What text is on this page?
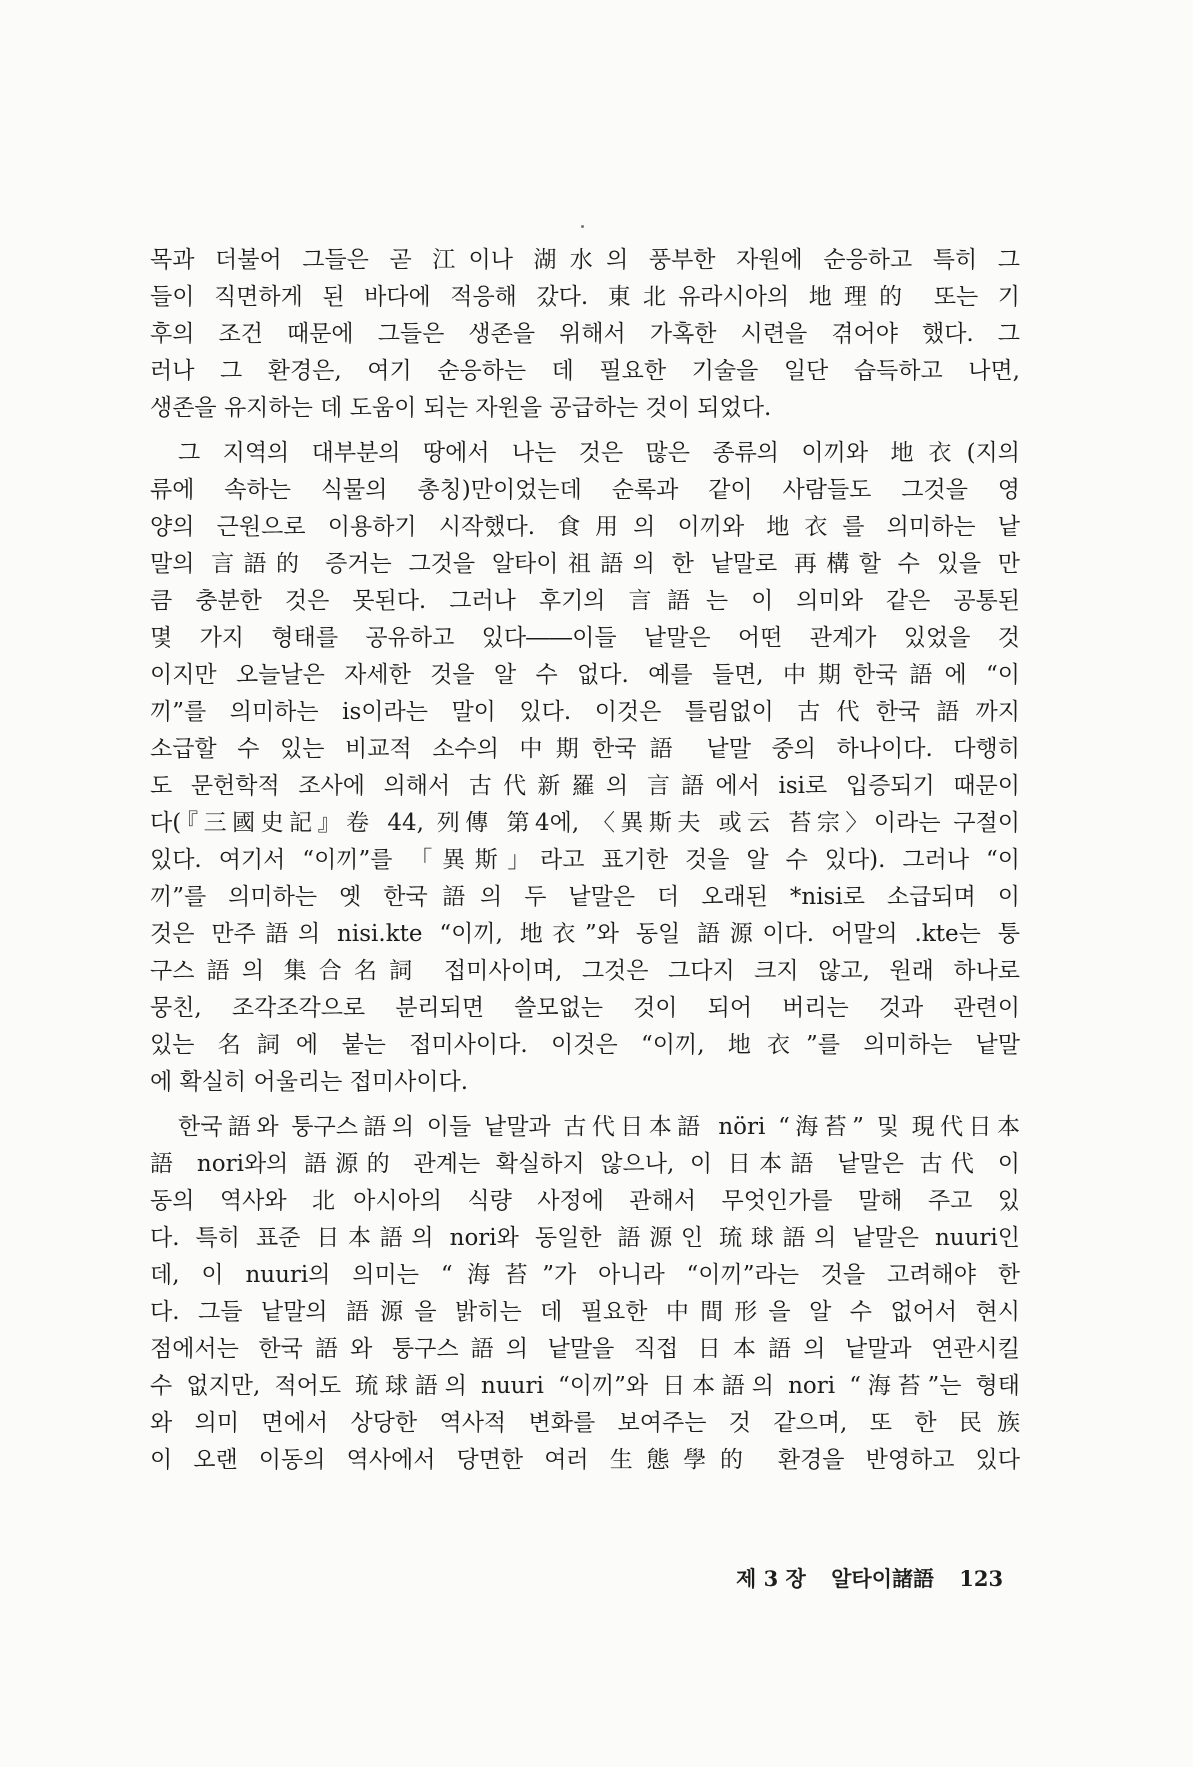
목과 더불어 그들은 곧 江이나 湖水의 풍부한 자원에 순응하고 특히 그
들이 직면하게 된 바다에 적응해 갔다. 東北유라시아의 地理的 또는 기
후의 조건 때문에 그들은 생존을 위해서 가혹한 시련을 겪어야 했다. 그
러나 그 환경은, 여기 순응하는 데 필요한 기술을 일단 습득하고 나면,
생존을 유지하는 데 도움이 되는 자원을 공급하는 것이 되었다.
그 지역의 대부분의 땅에서 나는 것은 많은 종류의 이끼와 地衣(지의
류에 속하는 식물의 총칭)만이었는데 순록과 같이 사람들도 그것을 영
양의 근원으로 이용하기 시작했다. 食用의 이끼와 地衣를 의미하는 낱
말의 言語的 증거는 그것을 알타이祖語의 한 낱말로 再構할 수 있을 만
큼 충분한 것은 못된다. 그러나 후기의 言語는 이 의미와 같은 공통된
몇 가지 형태를 공유하고 있다――이들 낱말은 어떤 관계가 있었을 것
이지만 오늘날은 자세한 것을 알 수 없다. 예를 들면, 中期한국語에 “이
끼”를 의미하는 is이라는 말이 있다. 이것은 틀림없이 古代한국語까지
소급할 수 있는 비교적 소수의 中期한국語 낱말 중의 하나이다. 다행히
도 문헌학적 조사에 의해서 古代新羅의 言語에서 isi로 입증되기 때문이
다(『三國史記』卷 44, 列傳 第4에, 〈異斯夫 或云 苔宗〉이라는 구절이
있다. 여기서 “이끼”를 「異斯」라고 표기한 것을 알 수 있다). 그러나 “이
끼”를 의미하는 옛 한국語의 두 낱말은 더 오래된 *nisi로 소급되며 이
것은 만주語의 nisi.kte “이끼, 地衣”와 동일 語源이다. 어말의 .kte는 퉁
구스語의 集合名詞 접미사이며, 그것은 그다지 크지 않고, 원래 하나로
뭉친, 조각조각으로 분리되면 쓸모없는 것이 되어 버리는 것과 관련이
있는 名詞에 붙는 접미사이다. 이것은 “이끼, 地衣”를 의미하는 낱말
에 확실히 어울리는 접미사이다.
한국語와 퉁구스語의 이들 낱말과 古代日本語 nöri “海苔” 및 現代日本
語 nori와의 語源的 관계는 확실하지 않으나, 이 日本語 낱말은 古代 이
동의 역사와 北아시아의 식량 사정에 관해서 무엇인가를 말해 주고 있
다. 특히 표준 日本語의 nori와 동일한 語源인 琉球語의 낱말은 nuuri인
데, 이 nuuri의 의미는 “海苔”가 아니라 “이끼”라는 것을 고려해야 한
다. 그들 낱말의 語源을 밝히는 데 필요한 中間形을 알 수 없어서 현시
점에서는 한국語와 퉁구스語의 낱말을 직접 日本語의 낱말과 연관시킬
수 없지만, 적어도 琉球語의 nuuri “이끼”와 日本語의 nori “海苔”는 형태
와 의미 면에서 상당한 역사적 변화를 보여주는 것 같으며, 또 한 民族
이 오랜 이동의 역사에서 당면한 여러 生態學的 환경을 반영하고 있다
제 3 장 알타이諸語 123
